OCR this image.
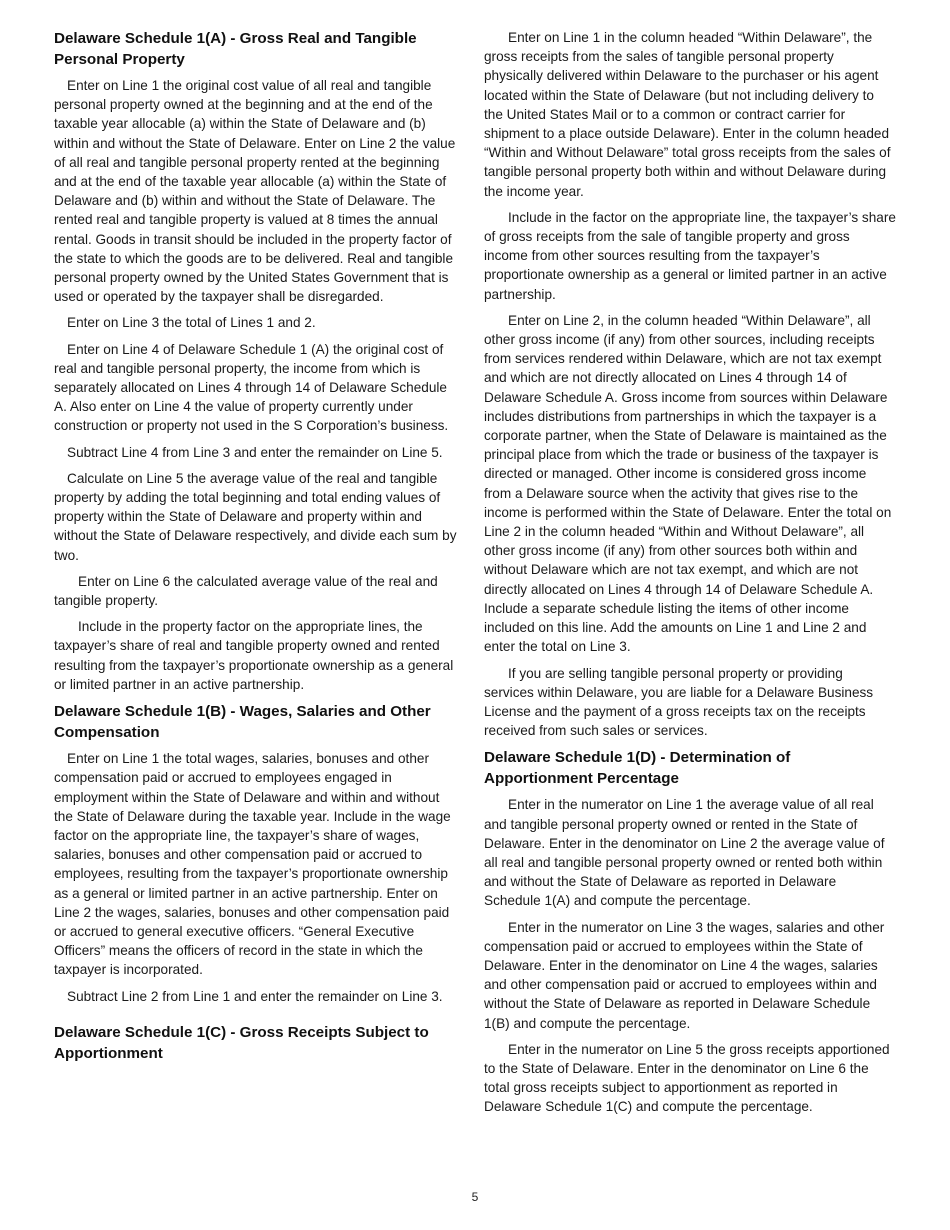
Delaware Schedule 1(A) - Gross Real and Tangible Personal Property

Enter on Line 1 the original cost value of all real and tangible personal property owned at the beginning and at the end of the taxable year allocable (a) within the State of Delaware and (b) within and without the State of Delaware. Enter on Line 2 the value of all real and tangible personal property rented at the beginning and at the end of the taxable year allocable (a) within the State of Delaware and (b) within and without the State of Delaware. The rented real and tangible property is valued at 8 times the annual rental. Goods in transit should be included in the property factor of the state to which the goods are to be delivered. Real and tangible personal property owned by the United States Government that is used or operated by the taxpayer shall be disregarded.

Enter on Line 3 the total of Lines 1 and 2.

Enter on Line 4 of Delaware Schedule 1 (A) the original cost of real and tangible personal property, the income from which is separately allocated on Lines 4 through 14 of Delaware Schedule A. Also enter on Line 4 the value of property currently under construction or property not used in the S Corporation’s business.

Subtract Line 4 from Line 3 and enter the remainder on Line 5.

Calculate on Line 5 the average value of the real and tangible property by adding the total beginning and total ending values of property within the State of Delaware and property within and without the State of Delaware respectively, and divide each sum by two.

Enter on Line 6 the calculated average value of the real and tangible property.

Include in the property factor on the appropriate lines, the taxpayer’s share of real and tangible property owned and rented resulting from the taxpayer’s proportionate ownership as a general or limited partner in an active partnership.

Delaware Schedule 1(B) - Wages, Salaries and Other Compensation

Enter on Line 1 the total wages, salaries, bonuses and other compensation paid or accrued to employees engaged in employment within the State of Delaware and within and without the State of Delaware during the taxable year. Include in the wage factor on the appropriate line, the taxpayer’s share of wages, salaries, bonuses and other compensation paid or accrued to employees, resulting from the taxpayer’s proportionate ownership as a general or limited partner in an active partnership. Enter on Line 2 the wages, salaries, bonuses and other compensation paid or accrued to general executive officers. “General Executive Officers” means the officers of record in the state in which the taxpayer is incorporated.

Subtract Line 2 from Line 1 and enter the remainder on Line 3.

Delaware Schedule 1(C) - Gross Receipts Subject to Apportionment

Enter on Line 1 in the column headed “Within Delaware”, the gross receipts from the sales of tangible personal property physically delivered within Delaware to the purchaser or his agent located within the State of Delaware (but not including delivery to the United States Mail or to a common or contract carrier for shipment to a place outside Delaware). Enter in the column headed “Within and Without Delaware” total gross receipts from the sales of tangible personal property both within and without Delaware during the income year.

Include in the factor on the appropriate line, the taxpayer’s share of gross receipts from the sale of tangible property and gross income from other sources resulting from the taxpayer’s proportionate ownership as a general or limited partner in an active partnership.

Enter on Line 2, in the column headed “Within Delaware”, all other gross income (if any) from other sources, including receipts from services rendered within Delaware, which are not tax exempt and which are not directly allocated on Lines 4 through 14 of Delaware Schedule A. Gross income from sources within Delaware includes distributions from partnerships in which the taxpayer is a corporate partner, when the State of Delaware is maintained as the principal place from which the trade or business of the taxpayer is directed or managed. Other income is considered gross income from a Delaware source when the activity that gives rise to the income is performed within the State of Delaware. Enter the total on Line 2 in the column headed “Within and Without Delaware”, all other gross income (if any) from other sources both within and without Delaware which are not tax exempt, and which are not directly allocated on Lines 4 through 14 of Delaware Schedule A. Include a separate schedule listing the items of other income included on this line. Add the amounts on Line 1 and Line 2 and enter the total on Line 3.

If you are selling tangible personal property or providing services within Delaware, you are liable for a Delaware Business License and the payment of a gross receipts tax on the receipts received from such sales or services.

Delaware Schedule 1(D) - Determination of Apportionment Percentage

Enter in the numerator on Line 1 the average value of all real and tangible personal property owned or rented in the State of Delaware. Enter in the denominator on Line 2 the average value of all real and tangible personal property owned or rented both within and without the State of Delaware as reported in Delaware Schedule 1(A) and compute the percentage.

Enter in the numerator on Line 3 the wages, salaries and other compensation paid or accrued to employees within the State of Delaware. Enter in the denominator on Line 4 the wages, salaries and other compensation paid or accrued to employees within and without the State of Delaware as reported in Delaware Schedule 1(B) and compute the percentage.

Enter in the numerator on Line 5 the gross receipts apportioned to the State of Delaware. Enter in the denominator on Line 6 the total gross receipts subject to apportionment as reported in Delaware Schedule 1(C) and compute the percentage.

5
